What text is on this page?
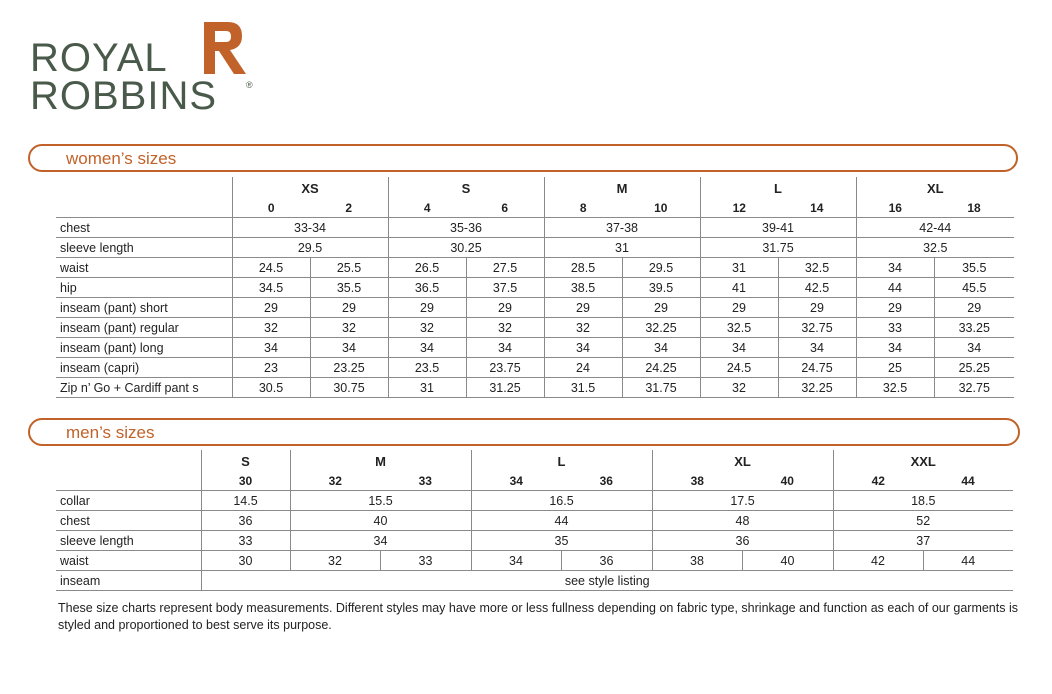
ROYAL
ROBBINS	®
women’s sizes
	XS		S		M		L		XL	
	0	2	4	6	8	10	12	14	16	18
chest	33-34		35-36		37-38		39-41		42-44	
sleeve length	29.5		30.25		31		31.75		32.5	
waist	24.5	25.5	26.5	27.5	28.5	29.5	31	32.5	34	35.5
hip	34.5	35.5	36.5	37.5	38.5	39.5	41	42.5	44	45.5
inseam (pant) short	29	29	29	29	29	29	29	29	29	29
inseam (pant) regular	32	32	32	32	32	32.25	32.5	32.75	33	33.25
inseam (pant) long	34	34	34	34	34	34	34	34	34	34
inseam (capri)	23	23.25	23.5	23.75	24	24.25	24.5	24.75	25	25.25
Zip n’ Go + Cardiff pant s	30.5	30.75	31	31.25	31.5	31.75	32	32.25	32.5	32.75
men’s sizes
	S	M		L		XL		XXL	
	30	32	33	34	36	38	40	42	44
collar	14.5	15.5		16.5		17.5		18.5	
chest	36	40		44		48		52	
sleeve length	33	34		35		36		37	
waist	30	32	33	34	36	38	40	42	44
inseam	see style listing								
These size charts represent body measurements. Different styles may have more or less fullness depending on fabric type, shrinkage and function as each of our garments is styled and proportioned to best serve its purpose.
